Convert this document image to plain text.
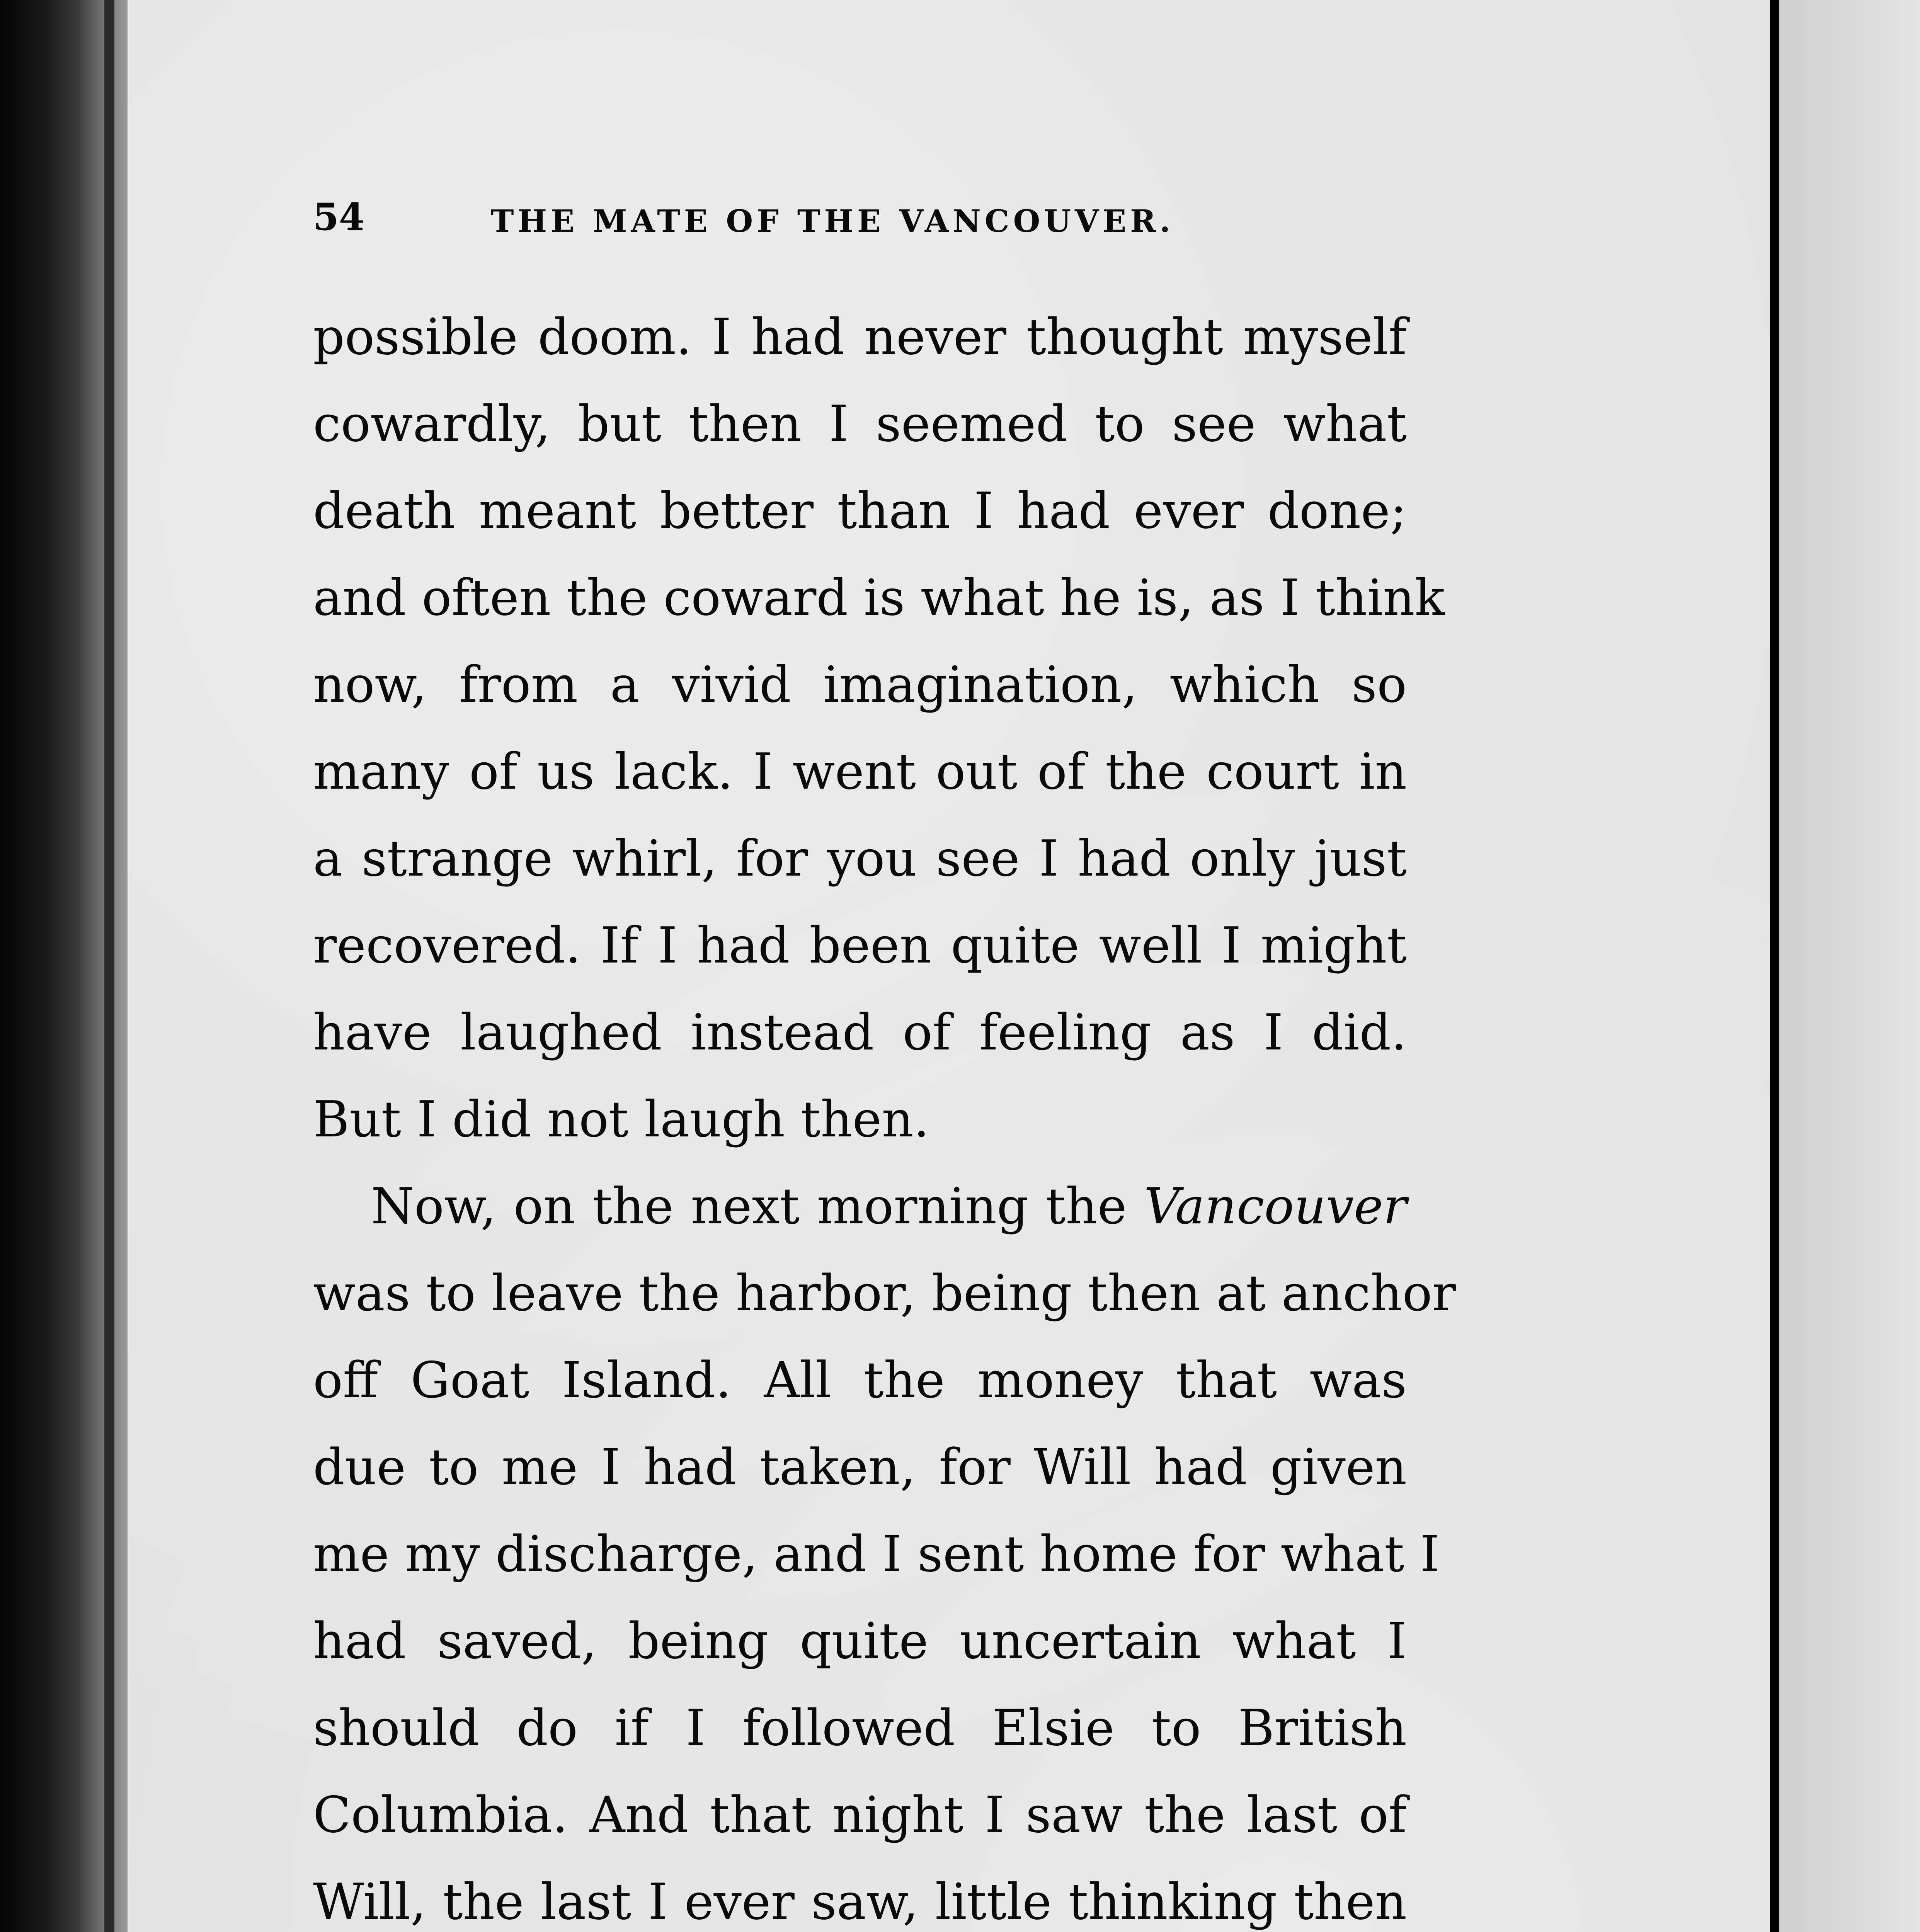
54	THE MATE OF THE VANCOUVER.
possible doom. I had never thought myself
cowardly, but then I seemed to see what
death meant better than I had ever done;
and often the coward is what he is, as I think
now, from a vivid imagination, which so
many of us lack. I went out of the court in
a strange whirl, for you see I had only just
recovered. If I had been quite well I might
have laughed instead of feeling as I did.
But I did not laugh then.
Now, on the next morning the Vancouver
was to leave the harbor, being then at anchor
off Goat Island. All the money that was
due to me I had taken, for Will had given
me my discharge, and I sent home for what I
had saved, being quite uncertain what I
should do if I followed Elsie to British
Columbia. And that night I saw the last of
Will, the last I ever saw, little thinking then
